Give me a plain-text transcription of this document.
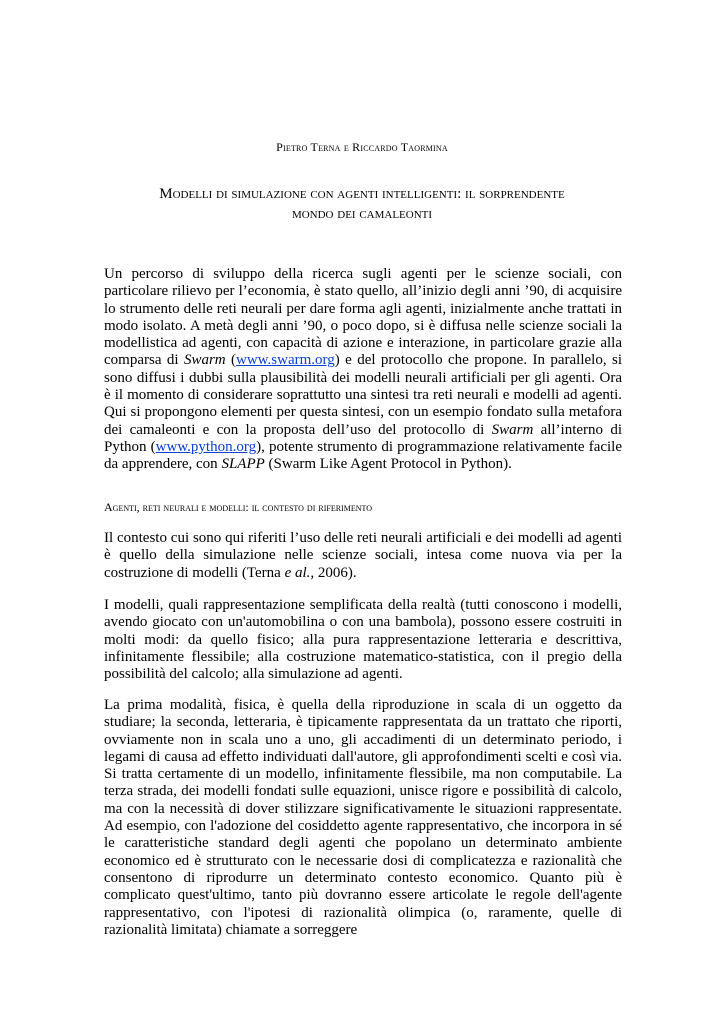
Pietro Terna e Riccardo Taormina
Modelli di simulazione con agenti intelligenti: il sorprendente
mondo dei camaleonti

Un percorso di sviluppo della ricerca sugli agenti per le scienze sociali, con particolare rilievo per l’economia, è stato quello, all’inizio degli anni ’90, di acquisire lo strumento delle reti neurali per dare forma agli agenti, inizialmente anche trattati in modo isolato. A metà degli anni ’90, o poco dopo, si è diffusa nelle scienze sociali la modellistica ad agenti, con capacità di azione e interazione, in particolare grazie alla comparsa di Swarm (www.swarm.org) e del protocollo che propone. In parallelo, si sono diffusi i dubbi sulla plausibilità dei modelli neurali artificiali per gli agenti. Ora è il momento di considerare soprattutto una sintesi tra reti neurali e modelli ad agenti. Qui si propongono elementi per questa sintesi, con un esempio fondato sulla metafora dei camaleonti e con la proposta dell’uso del protocollo di Swarm all’interno di Python (www.python.org), potente strumento di programmazione relativamente facile da apprendere, con SLAPP (Swarm Like Agent Protocol in Python).

Agenti, reti neurali e modelli: il contesto di riferimento

Il contesto cui sono qui riferiti l’uso delle reti neurali artificiali e dei modelli ad agenti è quello della simulazione nelle scienze sociali, intesa come nuova via per la costruzione di modelli (Terna e al., 2006).

I modelli, quali rappresentazione semplificata della realtà (tutti conoscono i modelli, avendo giocato con un'automobilina o con una bambola), possono essere costruiti in molti modi: da quello fisico; alla pura rappresentazione letteraria e descrittiva, infinitamente flessibile; alla costruzione matematico-statistica, con il pregio della possibilità del calcolo; alla simulazione ad agenti.

La prima modalità, fisica, è quella della riproduzione in scala di un oggetto da studiare; la seconda, letteraria, è tipicamente rappresentata da un trattato che riporti, ovviamente non in scala uno a uno, gli accadimenti di un determinato periodo, i legami di causa ad effetto individuati dall'autore, gli approfondimenti scelti e così via. Si tratta certamente di un modello, infinitamente flessibile, ma non computabile. La terza strada, dei modelli fondati sulle equazioni, unisce rigore e possibilità di calcolo, ma con la necessità di dover stilizzare significativamente le situazioni rappresentate. Ad esempio, con l'adozione del cosiddetto agente rappresentativo, che incorpora in sé le caratteristiche standard degli agenti che popolano un determinato ambiente economico ed è strutturato con le necessarie dosi di complicatezza e razionalità che consentono di riprodurre un determinato contesto economico. Quanto più è complicato quest'ultimo, tanto più dovranno essere articolate le regole dell'agente rappresentativo, con l'ipotesi di razionalità olimpica (o, raramente, quelle di razionalità limitata) chiamate a sorreggere
